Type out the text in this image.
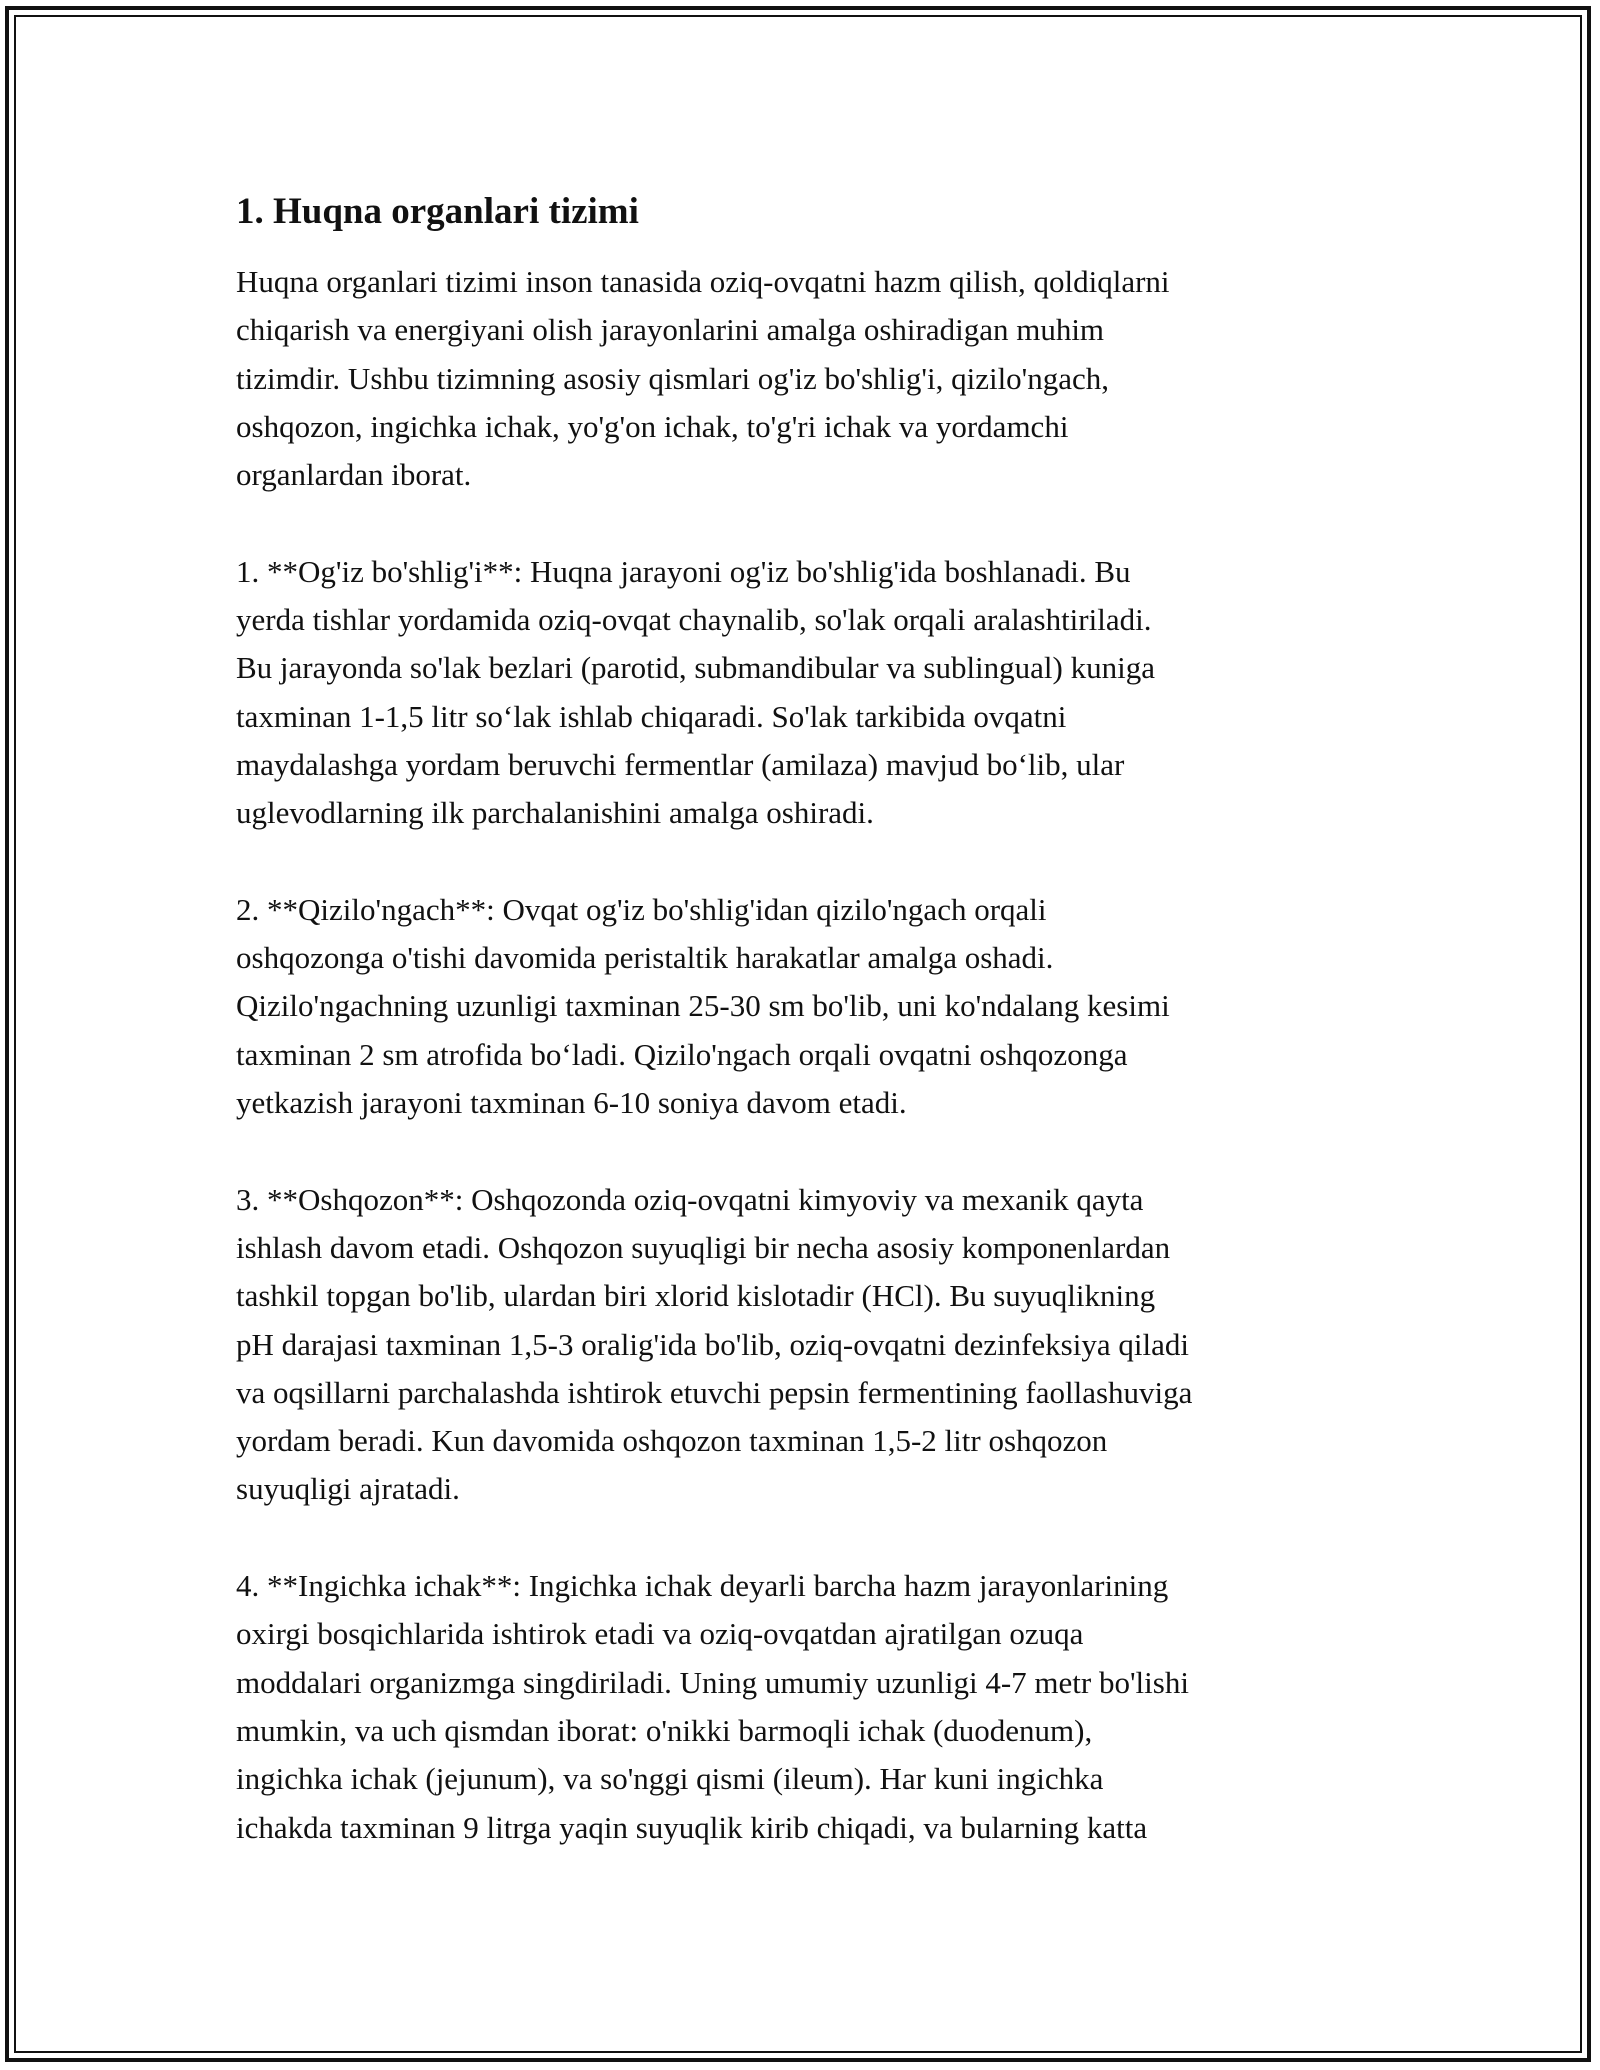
1. Huqna organlari tizimi

Huqna organlari tizimi inson tanasida oziq-ovqatni hazm qilish, qoldiqlarni
chiqarish va energiyani olish jarayonlarini amalga oshiradigan muhim
tizimdir. Ushbu tizimning asosiy qismlari og'iz bo'shlig'i, qizilo'ngach,
oshqozon, ingichka ichak, yo'g'on ichak, to'g'ri ichak va yordamchi
organlardan iborat.

1. **Og'iz bo'shlig'i**: Huqna jarayoni og'iz bo'shlig'ida boshlanadi. Bu
yerda tishlar yordamida oziq-ovqat chaynalib, so'lak orqali aralashtiriladi.
Bu jarayonda so'lak bezlari (parotid, submandibular va sublingual) kuniga
taxminan 1-1,5 litr so‘lak ishlab chiqaradi. So'lak tarkibida ovqatni
maydalashga yordam beruvchi fermentlar (amilaza) mavjud bo‘lib, ular
uglevodlarning ilk parchalanishini amalga oshiradi.

2. **Qizilo'ngach**: Ovqat og'iz bo'shlig'idan qizilo'ngach orqali
oshqozonga o'tishi davomida peristaltik harakatlar amalga oshadi.
Qizilo'ngachning uzunligi taxminan 25-30 sm bo'lib, uni ko'ndalang kesimi
taxminan 2 sm atrofida bo‘ladi. Qizilo'ngach orqali ovqatni oshqozonga
yetkazish jarayoni taxminan 6-10 soniya davom etadi.

3. **Oshqozon**: Oshqozonda oziq-ovqatni kimyoviy va mexanik qayta
ishlash davom etadi. Oshqozon suyuqligi bir necha asosiy komponenlardan
tashkil topgan bo'lib, ulardan biri xlorid kislotadir (HCl). Bu suyuqlikning
pH darajasi taxminan 1,5-3 oralig'ida bo'lib, oziq-ovqatni dezinfeksiya qiladi
va oqsillarni parchalashda ishtirok etuvchi pepsin fermentining faollashuviga
yordam beradi. Kun davomida oshqozon taxminan 1,5-2 litr oshqozon
suyuqligi ajratadi.

4. **Ingichka ichak**: Ingichka ichak deyarli barcha hazm jarayonlarining
oxirgi bosqichlarida ishtirok etadi va oziq-ovqatdan ajratilgan ozuqa
moddalari organizmga singdiriladi. Uning umumiy uzunligi 4-7 metr bo'lishi
mumkin, va uch qismdan iborat: o'nikki barmoqli ichak (duodenum),
ingichka ichak (jejunum), va so'nggi qismi (ileum). Har kuni ingichka
ichakda taxminan 9 litrga yaqin suyuqlik kirib chiqadi, va bularning katta
